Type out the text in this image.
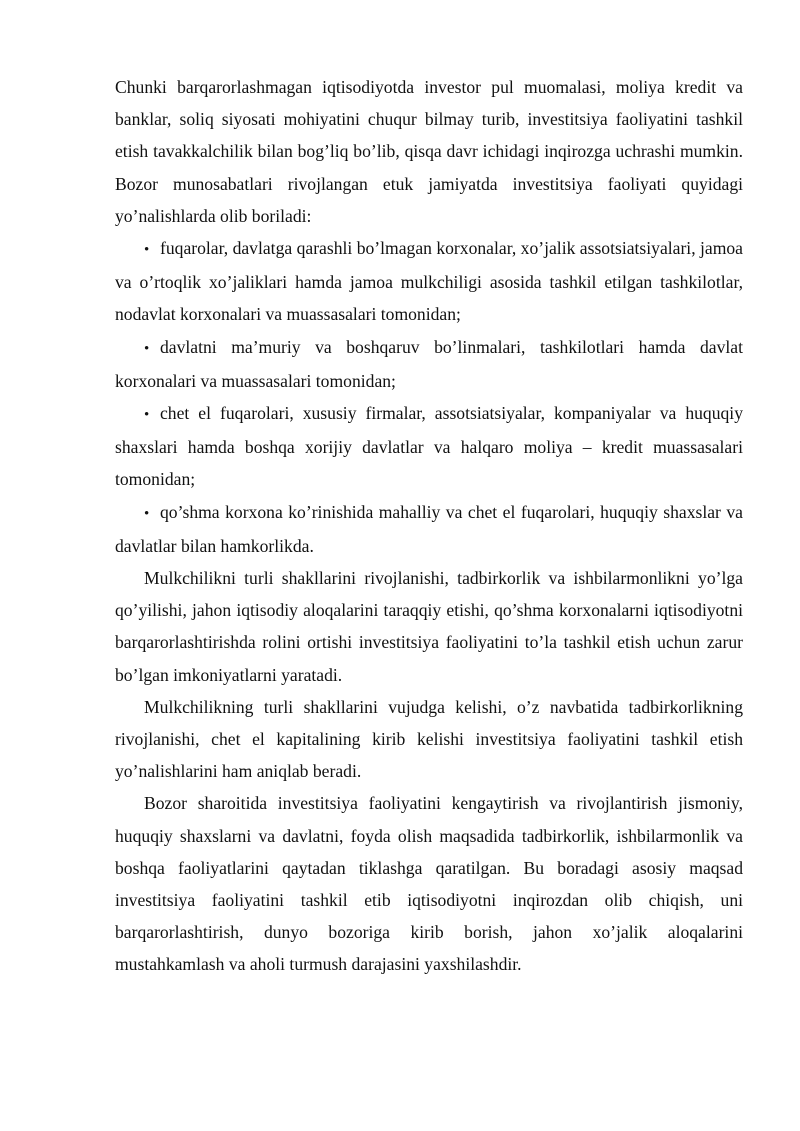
Chunki barqarorlashmagan iqtisodiyotda investor pul muomalasi, moliya kredit va banklar, soliq siyosati mohiyatini chuqur bilmay turib, investitsiya faoliyatini tashkil etish tavakkalchilik bilan bog’liq bo’lib, qisqa davr ichidagi inqirozga uchrashi mumkin. Bozor munosabatlari rivojlangan etuk jamiyatda investitsiya faoliyati quyidagi yo’nalishlarda olib boriladi:

• fuqarolar, davlatga qarashli bo’lmagan korxonalar, xo’jalik assotsiatsiyalari, jamoa va o’rtoqlik xo’jaliklari hamda jamoa mulkchiligi asosida tashkil etilgan tashkilotlar, nodavlat korxonalari va muassasalari tomonidan;

• davlatni ma’muriy va boshqaruv bo’linmalari, tashkilotlari hamda davlat korxonalari va muassasalari tomonidan;

• chet el fuqarolari, xususiy firmalar, assotsiatsiyalar, kompaniyalar va huquqiy shaxslari hamda boshqa xorijiy davlatlar va halqaro moliya – kredit muassasalari tomonidan;

• qo’shma korxona ko’rinishida mahalliy va chet el fuqarolari, huquqiy shaxslar va davlatlar bilan hamkorlikda.

Mulkchilikni turli shakllarini rivojlanishi, tadbirkorlik va ishbilarmonlikni yo’lga qo’yilishi, jahon iqtisodiy aloqalarini taraqqiy etishi, qo’shma korxonalarni iqtisodiyotni barqarorlashtirishda rolini ortishi investitsiya faoliyatini to’la tashkil etish uchun zarur bo’lgan imkoniyatlarni yaratadi.

Mulkchilikning turli shakllarini vujudga kelishi, o’z navbatida tadbirkorlikning rivojlanishi, chet el kapitalining kirib kelishi investitsiya faoliyatini tashkil etish yo’nalishlarini ham aniqlab beradi.

Bozor sharoitida investitsiya faoliyatini kengaytirish va rivojlantirish jismoniy, huquqiy shaxslarni va davlatni, foyda olish maqsadida tadbirkorlik, ishbilarmonlik va boshqa faoliyatlarini qaytadan tiklashga qaratilgan. Bu boradagi asosiy maqsad investitsiya faoliyatini tashkil etib iqtisodiyotni inqirozdan olib chiqish, uni barqarorlashtirish, dunyo bozoriga kirib borish, jahon xo’jalik aloqalarini mustahkamlash va aholi turmush darajasini yaxshilashdir.
